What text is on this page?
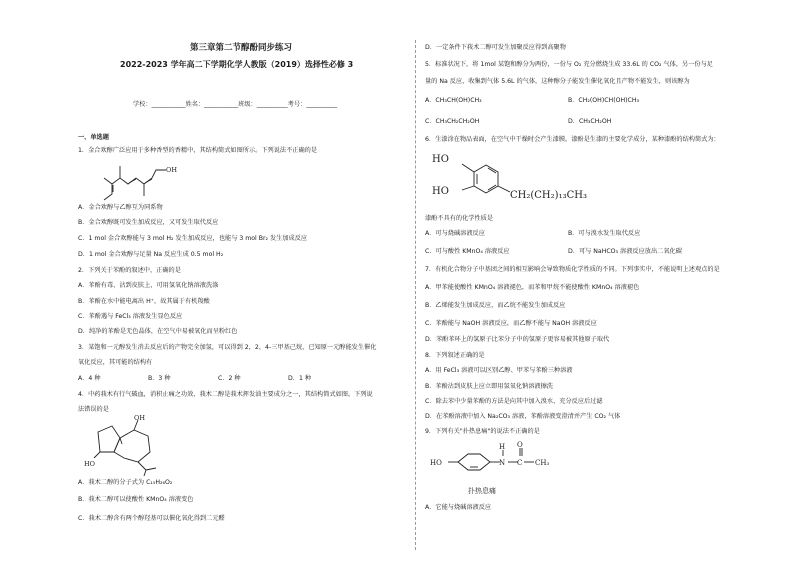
第三章第二节醇酚同步练习
2022-2023 学年高二下学期化学人教版（2019）选择性必修 3
学校：___________姓名：___________班级：__________考号：__________
一、单选题
1．金合欢醇广泛应用于多种香型的香精中，其结构简式如图所示。下列说法不正确的是
OH
A．金合欢醇与乙醇互为同系物
B．金合欢醇既可发生加成反应，又可发生取代反应
C．1 mol 金合欢醇能与 3 mol H₂ 发生加成反应，也能与 3 mol Br₂ 发生加成反应
D．1 mol 金合欢醇与足量 Na 反应生成 0.5 mol H₂
2．下列关于苯酚的叙述中，正确的是
A．苯酚有毒，沾到皮肤上，可用氢氧化钠溶液洗涤
B．苯酚在水中能电离出 H⁺，故其属于有机羧酸
C．苯酚遇与 FeCl₃ 溶液发生显色反应
D．纯净的苯酚是无色晶体，在空气中易被氧化而呈粉红色
3．某饱和一元醇发生消去反应后的产物完全加氢，可以得到 2，2，4-三甲基己烷，已知原一元醇能发生催化
氧化反应，其可能的结构有
A．4 种	B．3 种	C．2 种	D．1 种
4．中药莪术有行气破血，消积止痛之功效，莪术二醇是莪术挥发油主要成分之一，其结构简式如图。下列说
法错误的是
OH
HO
A．莪术二醇的分子式为 C₁₅H₂₆O₂
B．莪术二醇可以使酸性 KMnO₄ 溶液变色
C．莪术二醇含有两个醇羟基可以催化氧化得到二元醛
D．一定条件下莪术二醇可发生加聚反应得到高聚物
5．标准状况下，将 1mol 某饱和醇分为两份，一份与 O₂ 充分燃烧生成 33.6L 的 CO₂ 气体，另一份与足
量的 Na 反应，收集到气体 5.6L 的气体，这种醇分子能发生催化氧化且产物不能发生，则该醇为
A．CH₃CH(OH)CH₃	B．CH₂(OH)CH(OH)CH₃
C．CH₃CH₂CH₂OH	D．CH₃CH₂OH
6．生漆涂在物品表面，在空气中干燥时会产生漆膜。漆酚是生漆的主要化学成分，某种漆酚的结构简式为：
HO
HO	CH₂(CH₂)₁₃CH₃
漆酚不具有的化学性质是
A．可与烧碱溶液反应	B．可与溴水发生取代反应
C．可与酸性 KMnO₄ 溶液反应	D．可与 NaHCO₃ 溶液反应放出二氧化碳
7．有机化合物分子中基团之间的相互影响会导致物质化学性质的不同。下列事实中，不能说明上述观点的是
A．甲苯能使酸性 KMnO₄ 溶液褪色，而苯和甲烷不能使酸性 KMnO₄ 溶液褪色
B．乙烯能发生加成反应，而乙烷不能发生加成反应
C．苯酚能与 NaOH 溶液反应，而乙醇不能与 NaOH 溶液反应
D．苯酚苯环上的氢原子比苯分子中的氢原子更容易被其他原子取代
8．下列叙述正确的是
A．用 FeCl₃ 溶液可以区别乙醇、甲苯与苯酚三种溶液
B．苯酚沾到皮肤上应立即用氢氧化钠溶液擦洗
C．除去苯中少量苯酚的方法是向其中加入溴水，充分反应后过滤
D．在苯酚溶液中加入 Na₂CO₃ 溶液，苯酚溶液变澄清并产生 CO₂ 气体
9．下列有关"扑热息痛"的说法不正确的是
HO
H
N C
O
CH₃
扑热息痛
A．它能与烧碱溶液反应
